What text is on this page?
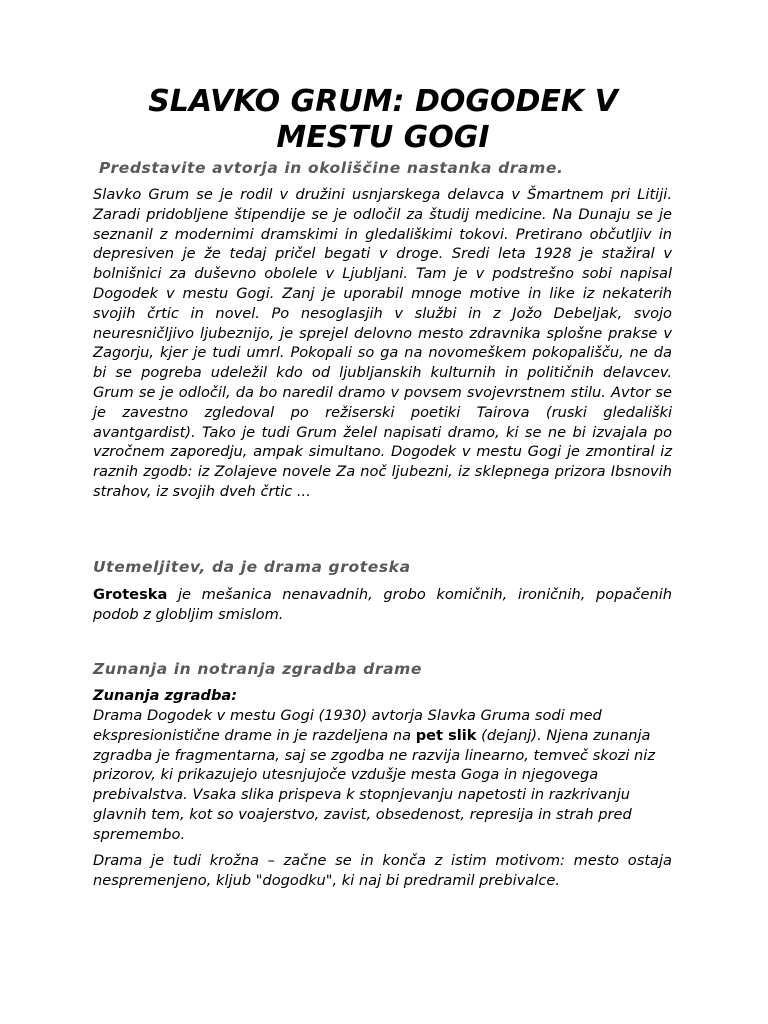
SLAVKO GRUM: DOGODEK V MESTU GOGI

Predstavite avtorja in okoliščine nastanka drame.

Slavko Grum se je rodil v družini usnjarskega delavca v Šmartnem pri Litiji. Zaradi pridobljene štipendije se je odločil za študij medicine. Na Dunaju se je seznanil z modernimi dramskimi in gledališkimi tokovi. Pretirano občutljiv in depresiven je že tedaj pričel begati v droge. Sredi leta 1928 je stažiral v bolnišnici za duševno obolele v Ljubljani. Tam je v podstrešno sobi napisal Dogodek v mestu Gogi. Zanj je uporabil mnoge motive in like iz nekaterih svojih črtic in novel. Po nesoglasjih v službi in z Jožo Debeljak, svojo neuresničljivo ljubeznijo, je sprejel delovno mesto zdravnika splošne prakse v Zagorju, kjer je tudi umrl. Pokopali so ga na novomeškem pokopališču, ne da bi se pogreba udeležil kdo od ljubljanskih kulturnih in političnih delavcev. Grum se je odločil, da bo naredil dramo v povsem svojevrstnem stilu. Avtor se je zavestno zgledoval po režiserski poetiki Tairova (ruski gledališki avantgardist). Tako je tudi Grum želel napisati dramo, ki se ne bi izvajala po vzročnem zaporedju, ampak simultano. Dogodek v mestu Gogi je zmontiral iz raznih zgodb: iz Zolajeve novele Za noč ljubezni, iz sklepnega prizora Ibsnovih strahov, iz svojih dveh črtic ...

Utemeljitev, da je drama groteska

Groteska je mešanica nenavadnih, grobo komičnih, ironičnih, popačenih podob z globljim smislom.

Zunanja in notranja zgradba drame

Zunanja zgradba:

Drama Dogodek v mestu Gogi (1930) avtorja Slavka Gruma sodi med ekspresionistične drame in je razdeljena na pet slik (dejanj). Njena zunanja zgradba je fragmentarna, saj se zgodba ne razvija linearno, temveč skozi niz prizorov, ki prikazujejo utesnjujoče vzdušje mesta Goga in njegovega prebivalstva. Vsaka slika prispeva k stopnjevanju napetosti in razkrivanju glavnih tem, kot so voajerstvo, zavist, obsedenost, represija in strah pred spremembo.

Drama je tudi krožna – začne se in konča z istim motivom: mesto ostaja nespremenjeno, kljub "dogodku", ki naj bi predramil prebivalce.
